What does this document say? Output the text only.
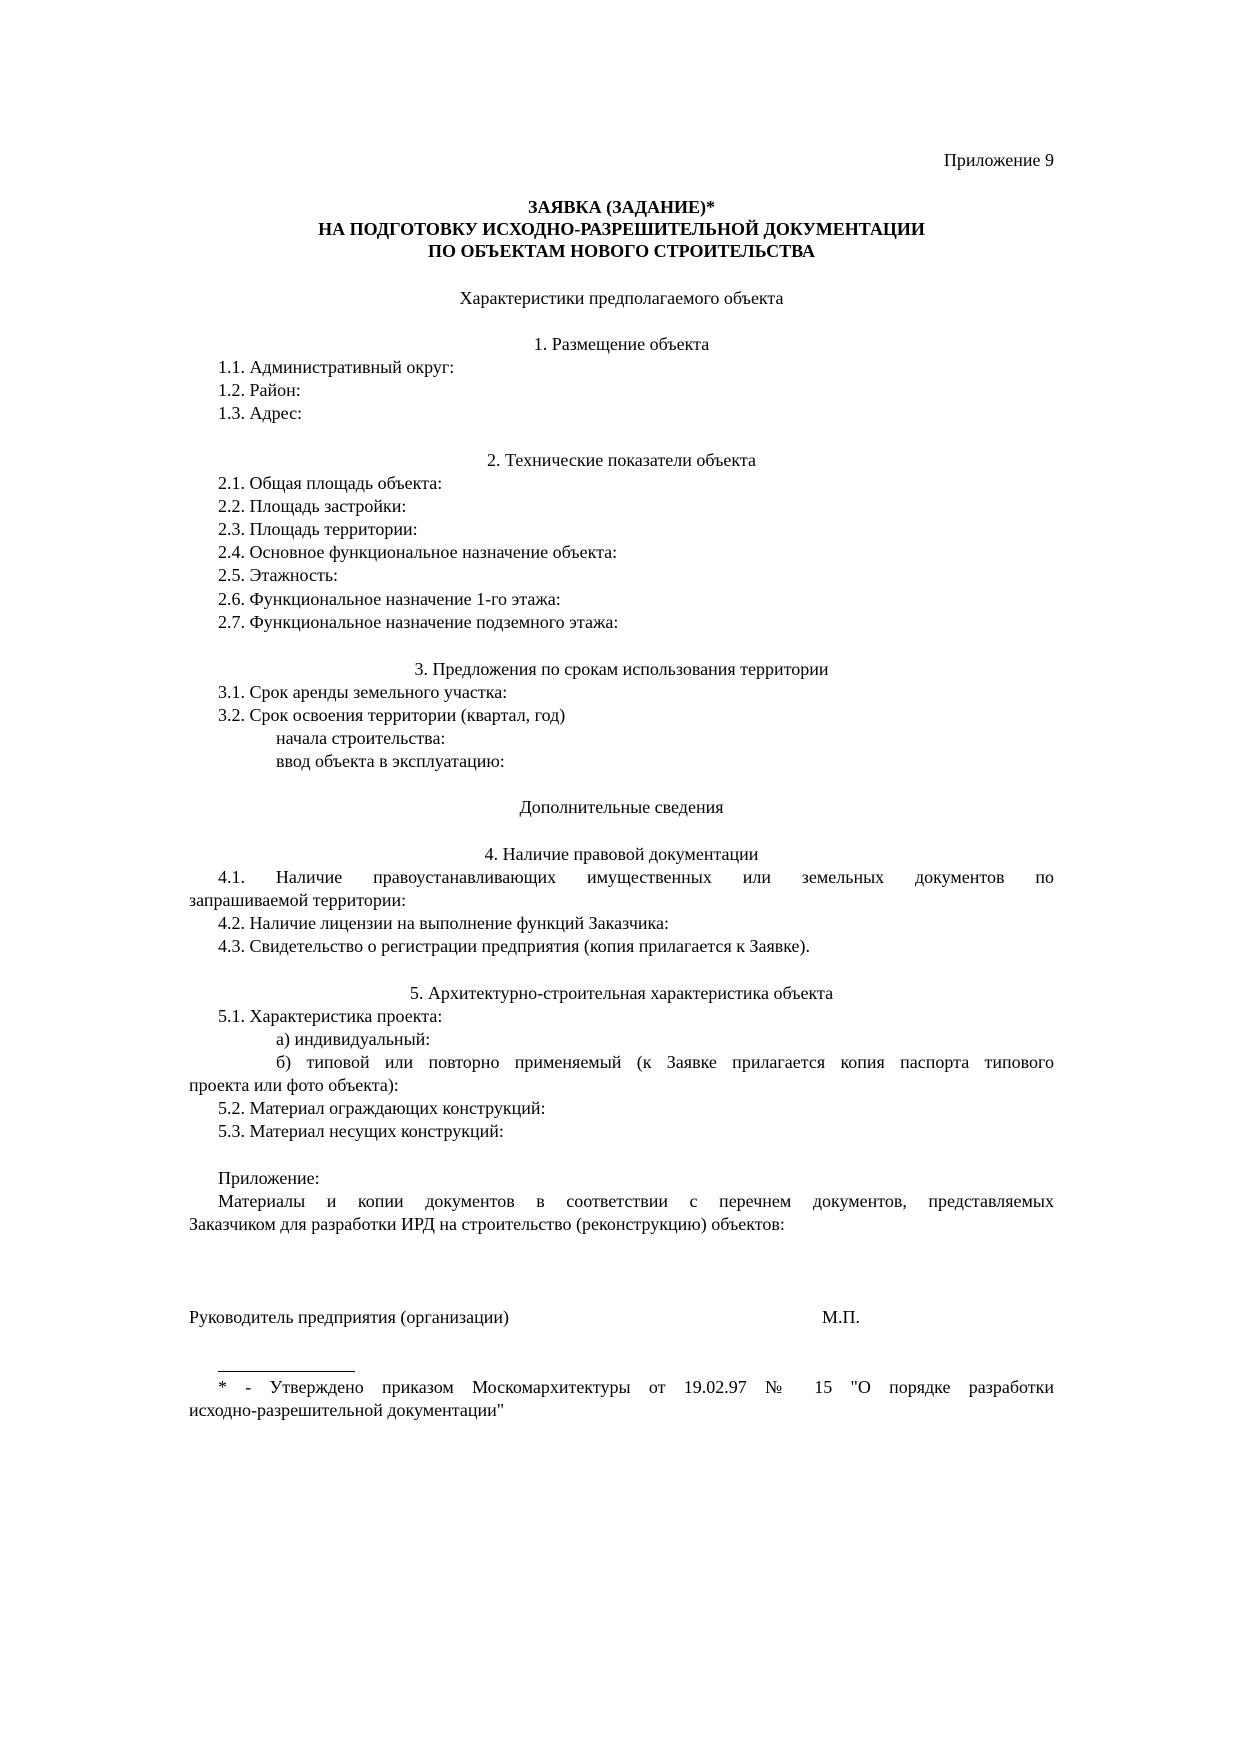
Приложение 9
ЗАЯВКА (ЗАДАНИЕ)*
НА ПОДГОТОВКУ ИСХОДНО-РАЗРЕШИТЕЛЬНОЙ ДОКУМЕНТАЦИИ
ПО ОБЪЕКТАМ НОВОГО СТРОИТЕЛЬСТВА
Характеристики предполагаемого объекта
1. Размещение объекта
1.1. Административный округ:
1.2. Район:
1.3. Адрес:
2. Технические показатели объекта
2.1. Общая площадь объекта:
2.2. Площадь застройки:
2.3. Площадь территории:
2.4. Основное функциональное назначение объекта:
2.5. Этажность:
2.6. Функциональное назначение 1-го этажа:
2.7. Функциональное назначение подземного этажа:
3. Предложения по срокам использования территории
3.1. Срок аренды земельного участка:
3.2. Срок освоения территории (квартал, год)
начала строительства:
ввод объекта в эксплуатацию:
Дополнительные сведения
4. Наличие правовой документации
4.1. Наличие правоустанавливающих имущественных или земельных документов по
запрашиваемой территории:
4.2. Наличие лицензии на выполнение функций Заказчика:
4.3. Свидетельство о регистрации предприятия (копия прилагается к Заявке).
5. Архитектурно-строительная характеристика объекта
5.1. Характеристика проекта:
а) индивидуальный:
б) типовой или повторно применяемый (к Заявке прилагается копия паспорта типового
проекта или фото объекта):
5.2. Материал ограждающих конструкций:
5.3. Материал несущих конструкций:
Приложение:
Материалы и копии документов в соответствии с перечнем документов, представляемых
Заказчиком для разработки ИРД на строительство (реконструкцию) объектов:
Руководитель предприятия (организации)	М.П.
* - Утверждено приказом Москомархитектуры от 19.02.97 № 15 "О порядке разработки
исходно-разрешительной документации"
